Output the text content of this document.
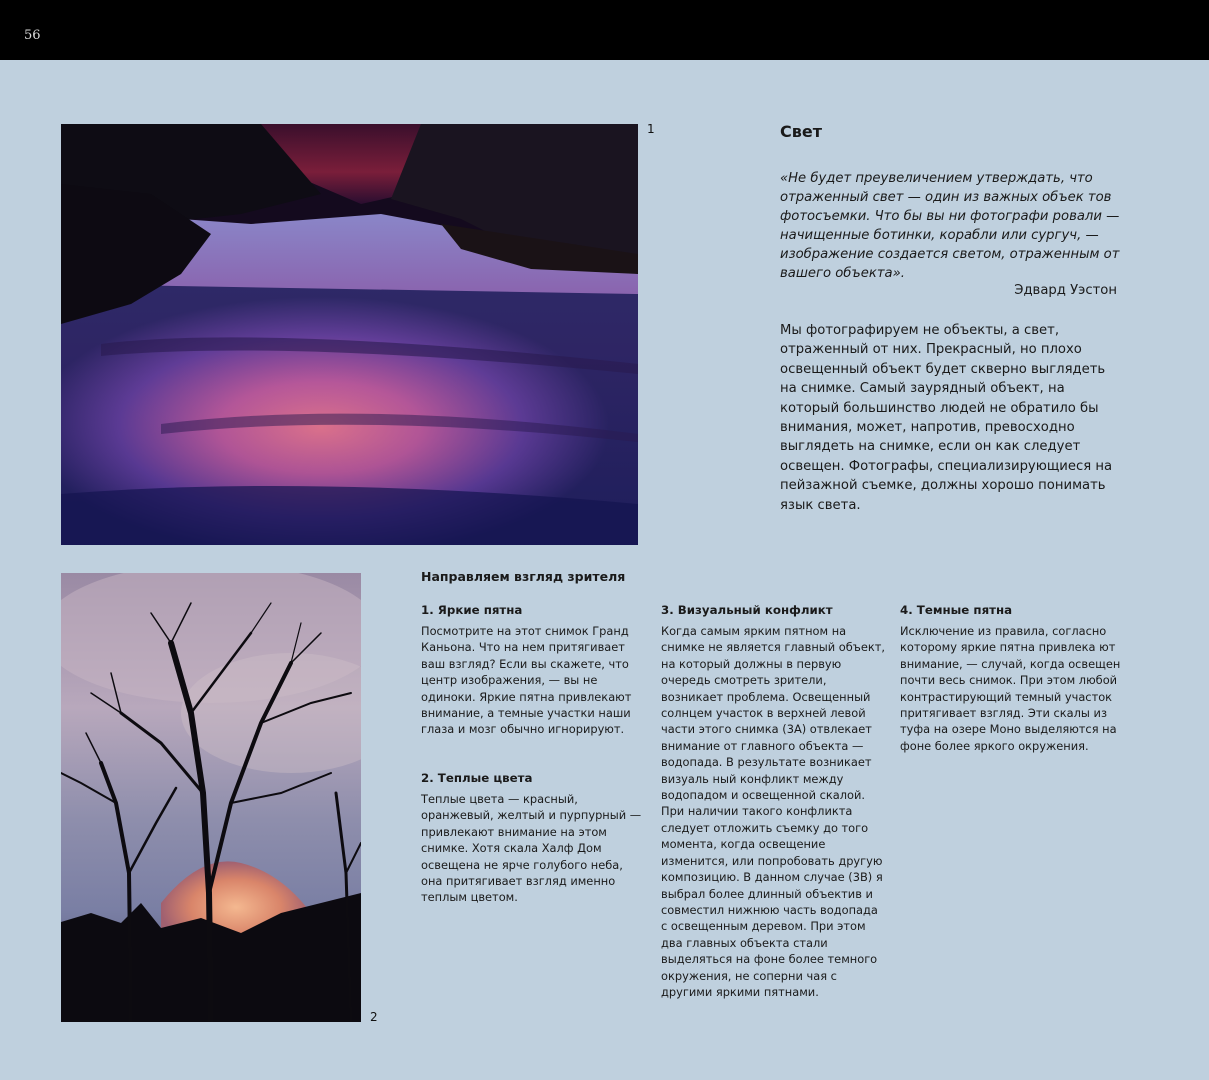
56
1
2
Свет
«Не будет преувеличением утверждать, что отраженный свет — один из важных объек тов фотосъемки. Что бы вы ни фотографи ровали — начищенные ботинки, корабли или сургуч, — изображение создается светом, отраженным от вашего объекта».
Эдвард Уэстон
Мы фотографируем не объекты, а свет, отраженный от них. Прекрасный, но плохо освещенный объект будет скверно выглядеть на снимке. Самый заурядный объект, на который большинство людей не обратило бы внимания, может, напротив, превосходно выглядеть на снимке, если он как следует освещен. Фотографы, специализирующиеся на пейзажной съемке, должны хорошо понимать язык света.
Направляем взгляд зрителя
1. Яркие пятна

Посмотрите на этот снимок Гранд Каньона. Что на нем притягивает ваш взгляд? Если вы скажете, что центр изображения, — вы не одиноки. Яркие пятна привлекают внимание, а темные участки наши глаза и мозг обычно игнорируют.

2. Теплые цвета

Теплые цвета — красный, оранжевый, желтый и пурпурный — привлекают внимание на этом снимке. Хотя скала Халф Дом освещена не ярче голубого неба, она притягивает взгляд именно теплым цветом.

3. Визуальный конфликт

Когда самым ярким пятном на снимке не является главный объект, на который должны в первую очередь смотреть зрители, возникает проблема. Освещенный солнцем участок в верхней левой части этого снимка (3A) отвлекает внимание от главного объекта — водопада. В результате возникает визуаль ный конфликт между водопадом и освещенной скалой.

При наличии такого конфликта следует отложить съемку до того момента, когда освещение изменится, или попробовать другую композицию. В данном случае (3B) я выбрал более длинный объектив и совместил нижнюю часть водопада с освещенным деревом. При этом два главных объекта стали выделяться на фоне более темного окружения, не соперни чая с другими яркими пятнами.

4. Темные пятна

Исключение из правила, согласно которому яркие пятна привлека ют внимание, — случай, когда освещен почти весь снимок. При этом любой контрастирующий темный участок притягивает взгляд. Эти скалы из туфа на озере Моно выделяются на фоне более яркого окружения.
